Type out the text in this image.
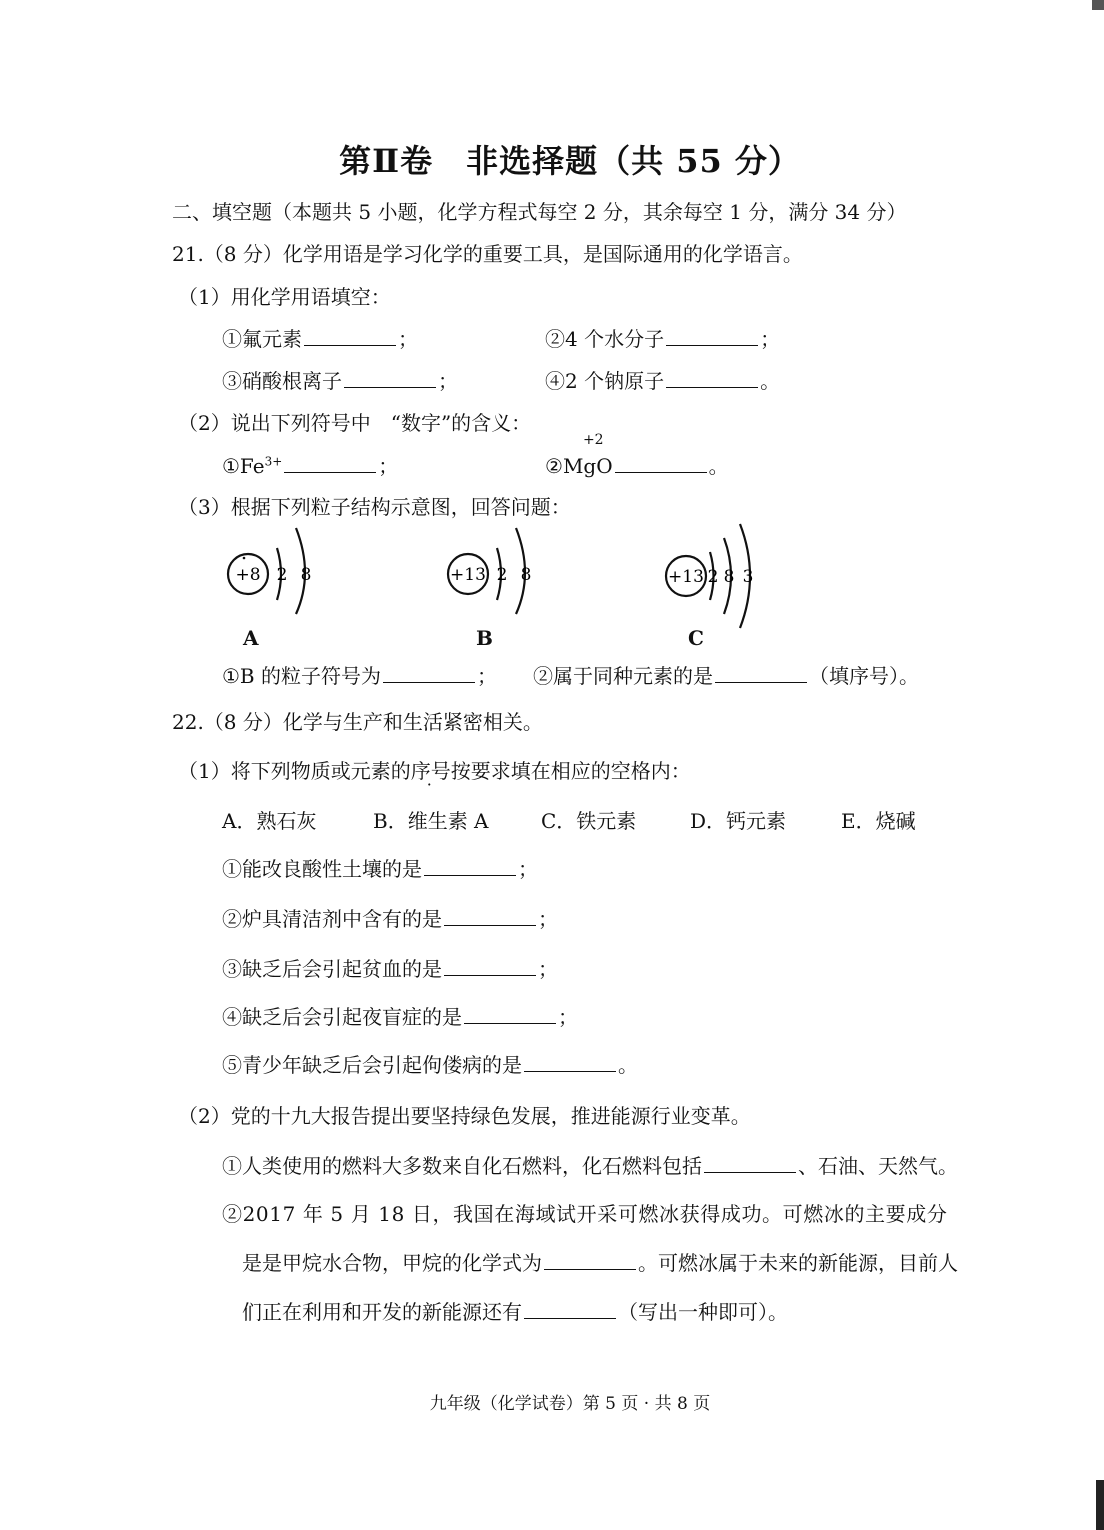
第Ⅱ卷　非选择题（共 55 分）
二、填空题（本题共 5 小题，化学方程式每空 2 分，其余每空 1 分，满分 34 分）
21.（8 分）化学用语是学习化学的重要工具，是国际通用的化学语言。
（1）用化学用语填空：
①氟元素	；	②4 个水分子	；
③硝酸根离子	；	④2 个钠原子	。
（2）说出下列符号中　“数字”的含义：
$①Fe^{3+}$	；	②
+2
MgO	。
（3）根据下列粒子结构示意图，回答问题：
+8 2 8
A
+13 2 8
B
+13 2 8 3
C
①B 的粒子符号为	； ②属于同种元素的是	（填序号）。
22.（8 分）化学与生产和生活紧密相关。
（1）将下列物质或元素的序号按要求填在相应的空格内：
A．熟石灰	B．维生素 A	C．铁元素	D．钙元素	E．烧碱
①能改良酸性土壤的是	；
②炉具清洁剂中含有的是	；
③缺乏后会引起贫血的是	；
④缺乏后会引起夜盲症的是	；
⑤青少年缺乏后会引起佝偻病的是	。
（2）党的十九大报告提出要坚持绿色发展，推进能源行业变革。
①人类使用的燃料大多数来自化石燃料，化石燃料包括	、石油、天然气。
②2017 年 5 月 18 日，我国在海域试开采可燃冰获得成功。可燃冰的主要成分
是是甲烷水合物，甲烷的化学式为	。可燃冰属于未来的新能源，目前人
们正在利用和开发的新能源还有	（写出一种即可）。
九年级（化学试卷）第 5 页 · 共 8 页
